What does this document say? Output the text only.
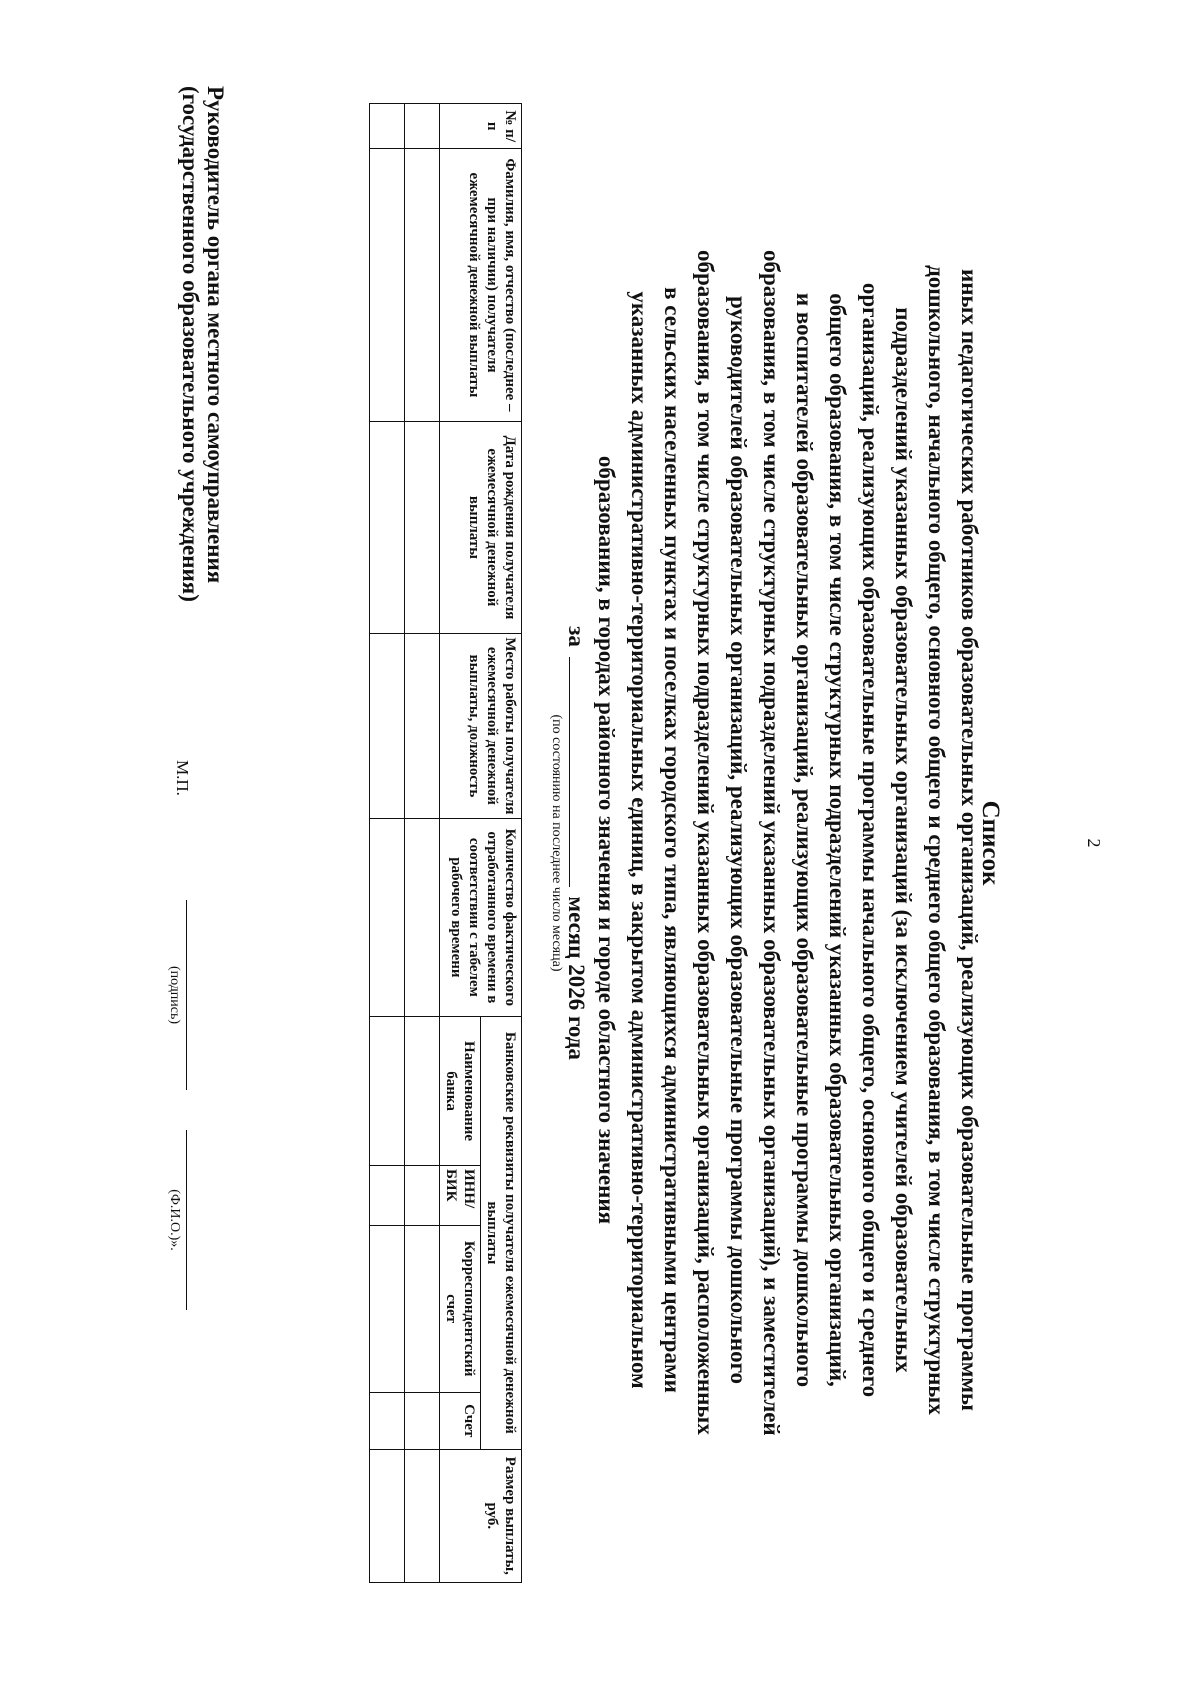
2
Список
иных педагогических работников образовательных организаций, реализующих образовательные программы
дошкольного, начального общего, основного общего и среднего общего образования, в том числе структурных
подразделений указанных образовательных организаций (за исключением учителей образовательных
организаций, реализующих образовательные программы начального общего, основного общего и среднего
общего образования, в том числе структурных подразделений указанных образовательных организаций,
и воспитателей образовательных организаций, реализующих образовательные программы дошкольного
образования, в том числе структурных подразделений указанных образовательных организаций), и заместителей
руководителей образовательных организаций, реализующих образовательные программы дошкольного
образования, в том числе структурных подразделений указанных образовательных организаций, расположенных
в сельских населенных пунктах и поселках городского типа, являющихся административными центрами
указанных административно-территориальных единиц, в закрытом административно-территориальном
образовании, в городах районного значения и городе областного значения
за  месяц 2026 года
(по состоянию на последнее число месяца)
№ п/п	Фамилия, имя, отчество (последнее – при наличии) получателя ежемесячной денежной выплаты	Дата рождения получателя ежемесячной денежной выплаты	Место работы получателя ежемесячной денежной выплаты, должность	Количество фактического отработанного времени в соответствии с табелем рабочего времени	Банковские реквизиты получателя ежемесячной денежной выплаты				Размер выплаты, руб.
					Наименование банка	ИНН/ БИК	Корреспондентский счет	Счет	

Руководитель органа местного самоуправления
(государственного образовательного учреждения)
М.П.
(подпись)
(Ф.И.О.)».
